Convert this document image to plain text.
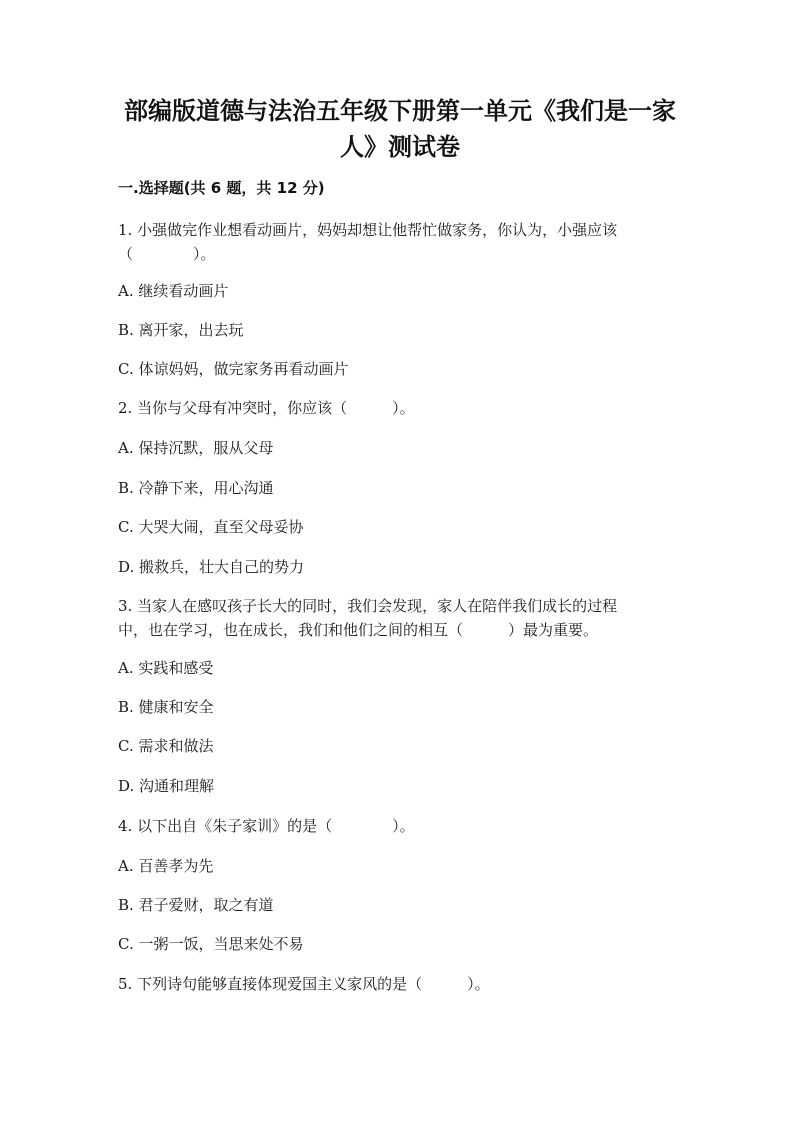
部编版道德与法治五年级下册第一单元《我们是一家人》测试卷
一.选择题(共 6 题，共 12 分)
1. 小强做完作业想看动画片，妈妈却想让他帮忙做家务，你认为，小强应该
（　　　　）。
A. 继续看动画片
B. 离开家，出去玩
C. 体谅妈妈，做完家务再看动画片
2. 当你与父母有冲突时，你应该（　　　）。
A. 保持沉默，服从父母
B. 冷静下来，用心沟通
C. 大哭大闹，直至父母妥协
D. 搬救兵，壮大自己的势力
3. 当家人在感叹孩子长大的同时，我们会发现，家人在陪伴我们成长的过程
中，也在学习，也在成长，我们和他们之间的相互（　　　）最为重要。
A. 实践和感受
B. 健康和安全
C. 需求和做法
D. 沟通和理解
4. 以下出自《朱子家训》的是（　　　　）。
A. 百善孝为先
B. 君子爱财，取之有道
C. 一粥一饭，当思来处不易
5. 下列诗句能够直接体现爱国主义家风的是（　　　）。
